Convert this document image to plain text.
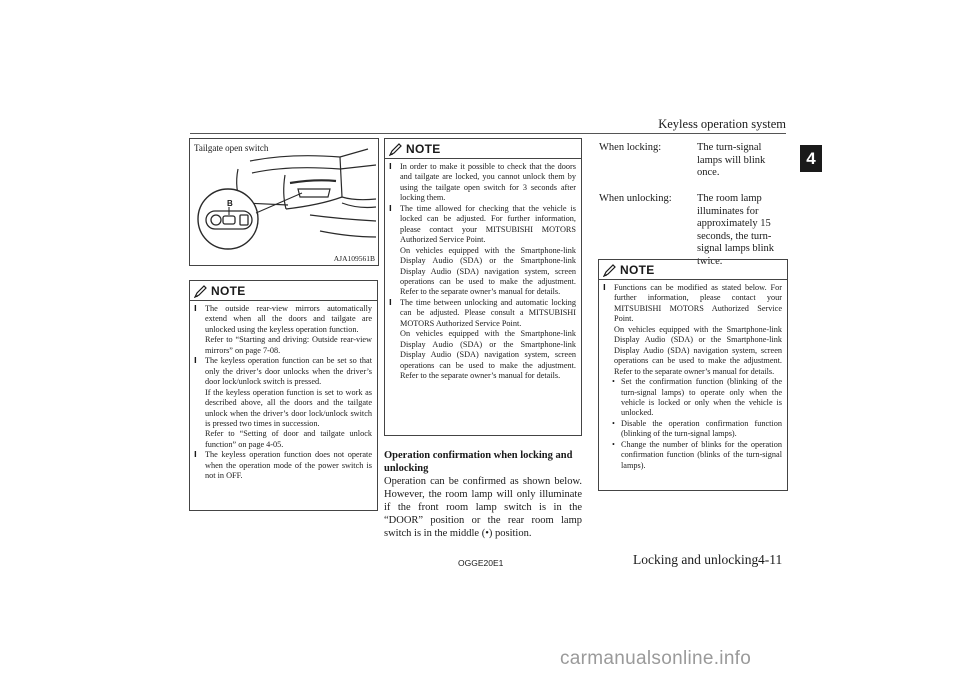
Keyless operation system
4
B
Tailgate open switch
AJA109561B
NOTE

l The outside rear-view mirrors automatically extend when all the doors and tailgate are unlocked using the keyless operation function.

Refer to “Starting and driving: Outside rear-view mirrors” on page 7-08.

l The keyless operation function can be set so that only the driver’s door unlocks when the driver’s door lock/unlock switch is pressed.

If the keyless operation function is set to work as described above, all the doors and the tailgate unlock when the driver’s door lock/unlock switch is pressed two times in succession.

Refer to “Setting of door and tailgate unlock function” on page 4-05.

l The keyless operation function does not operate when the operation mode of the power switch is not in OFF.

NOTE

l In order to make it possible to check that the doors and tailgate are locked, you cannot unlock them by using the tailgate open switch for 3 seconds after locking them.

l The time allowed for checking that the vehicle is locked can be adjusted. For further information, please contact your MITSUBISHI MOTORS Authorized Service Point.

On vehicles equipped with the Smartphone-link Display Audio (SDA) or the Smartphone-link Display Audio (SDA) navigation system, screen operations can be used to make the adjustment. Refer to the separate owner’s manual for details.

l The time between unlocking and automatic locking can be adjusted. Please consult a MITSUBISHI MOTORS Authorized Service Point.

On vehicles equipped with the Smartphone-link Display Audio (SDA) or the Smartphone-link Display Audio (SDA) navigation system, screen operations can be used to make the adjustment. Refer to the separate owner’s manual for details.

Operation confirmation when locking and unlocking
Operation can be confirmed as shown below. However, the room lamp will only illuminate if the front room lamp switch is in the “DOOR” position or the rear room lamp switch is in the middle (•) position.
When locking:	The turn-signal lamps will blink once.
When unlocking:	The room lamp illuminates for approximately 15 seconds, the turn-signal lamps blink twice.
NOTE

l Functions can be modified as stated below. For further information, please contact your MITSUBISHI MOTORS Authorized Service Point.

On vehicles equipped with the Smartphone-link Display Audio (SDA) or the Smartphone-link Display Audio (SDA) navigation system, screen operations can be used to make the adjustment. Refer to the separate owner’s manual for details.

• Set the confirmation function (blinking of the turn-signal lamps) to operate only when the vehicle is locked or only when the vehicle is unlocked.

• Disable the operation confirmation function (blinking of the turn-signal lamps).

• Change the number of blinks for the operation confirmation function (blinks of the turn-signal lamps).

OGGE20E1	Locking and unlocking 4-11
carmanualsonline.info
